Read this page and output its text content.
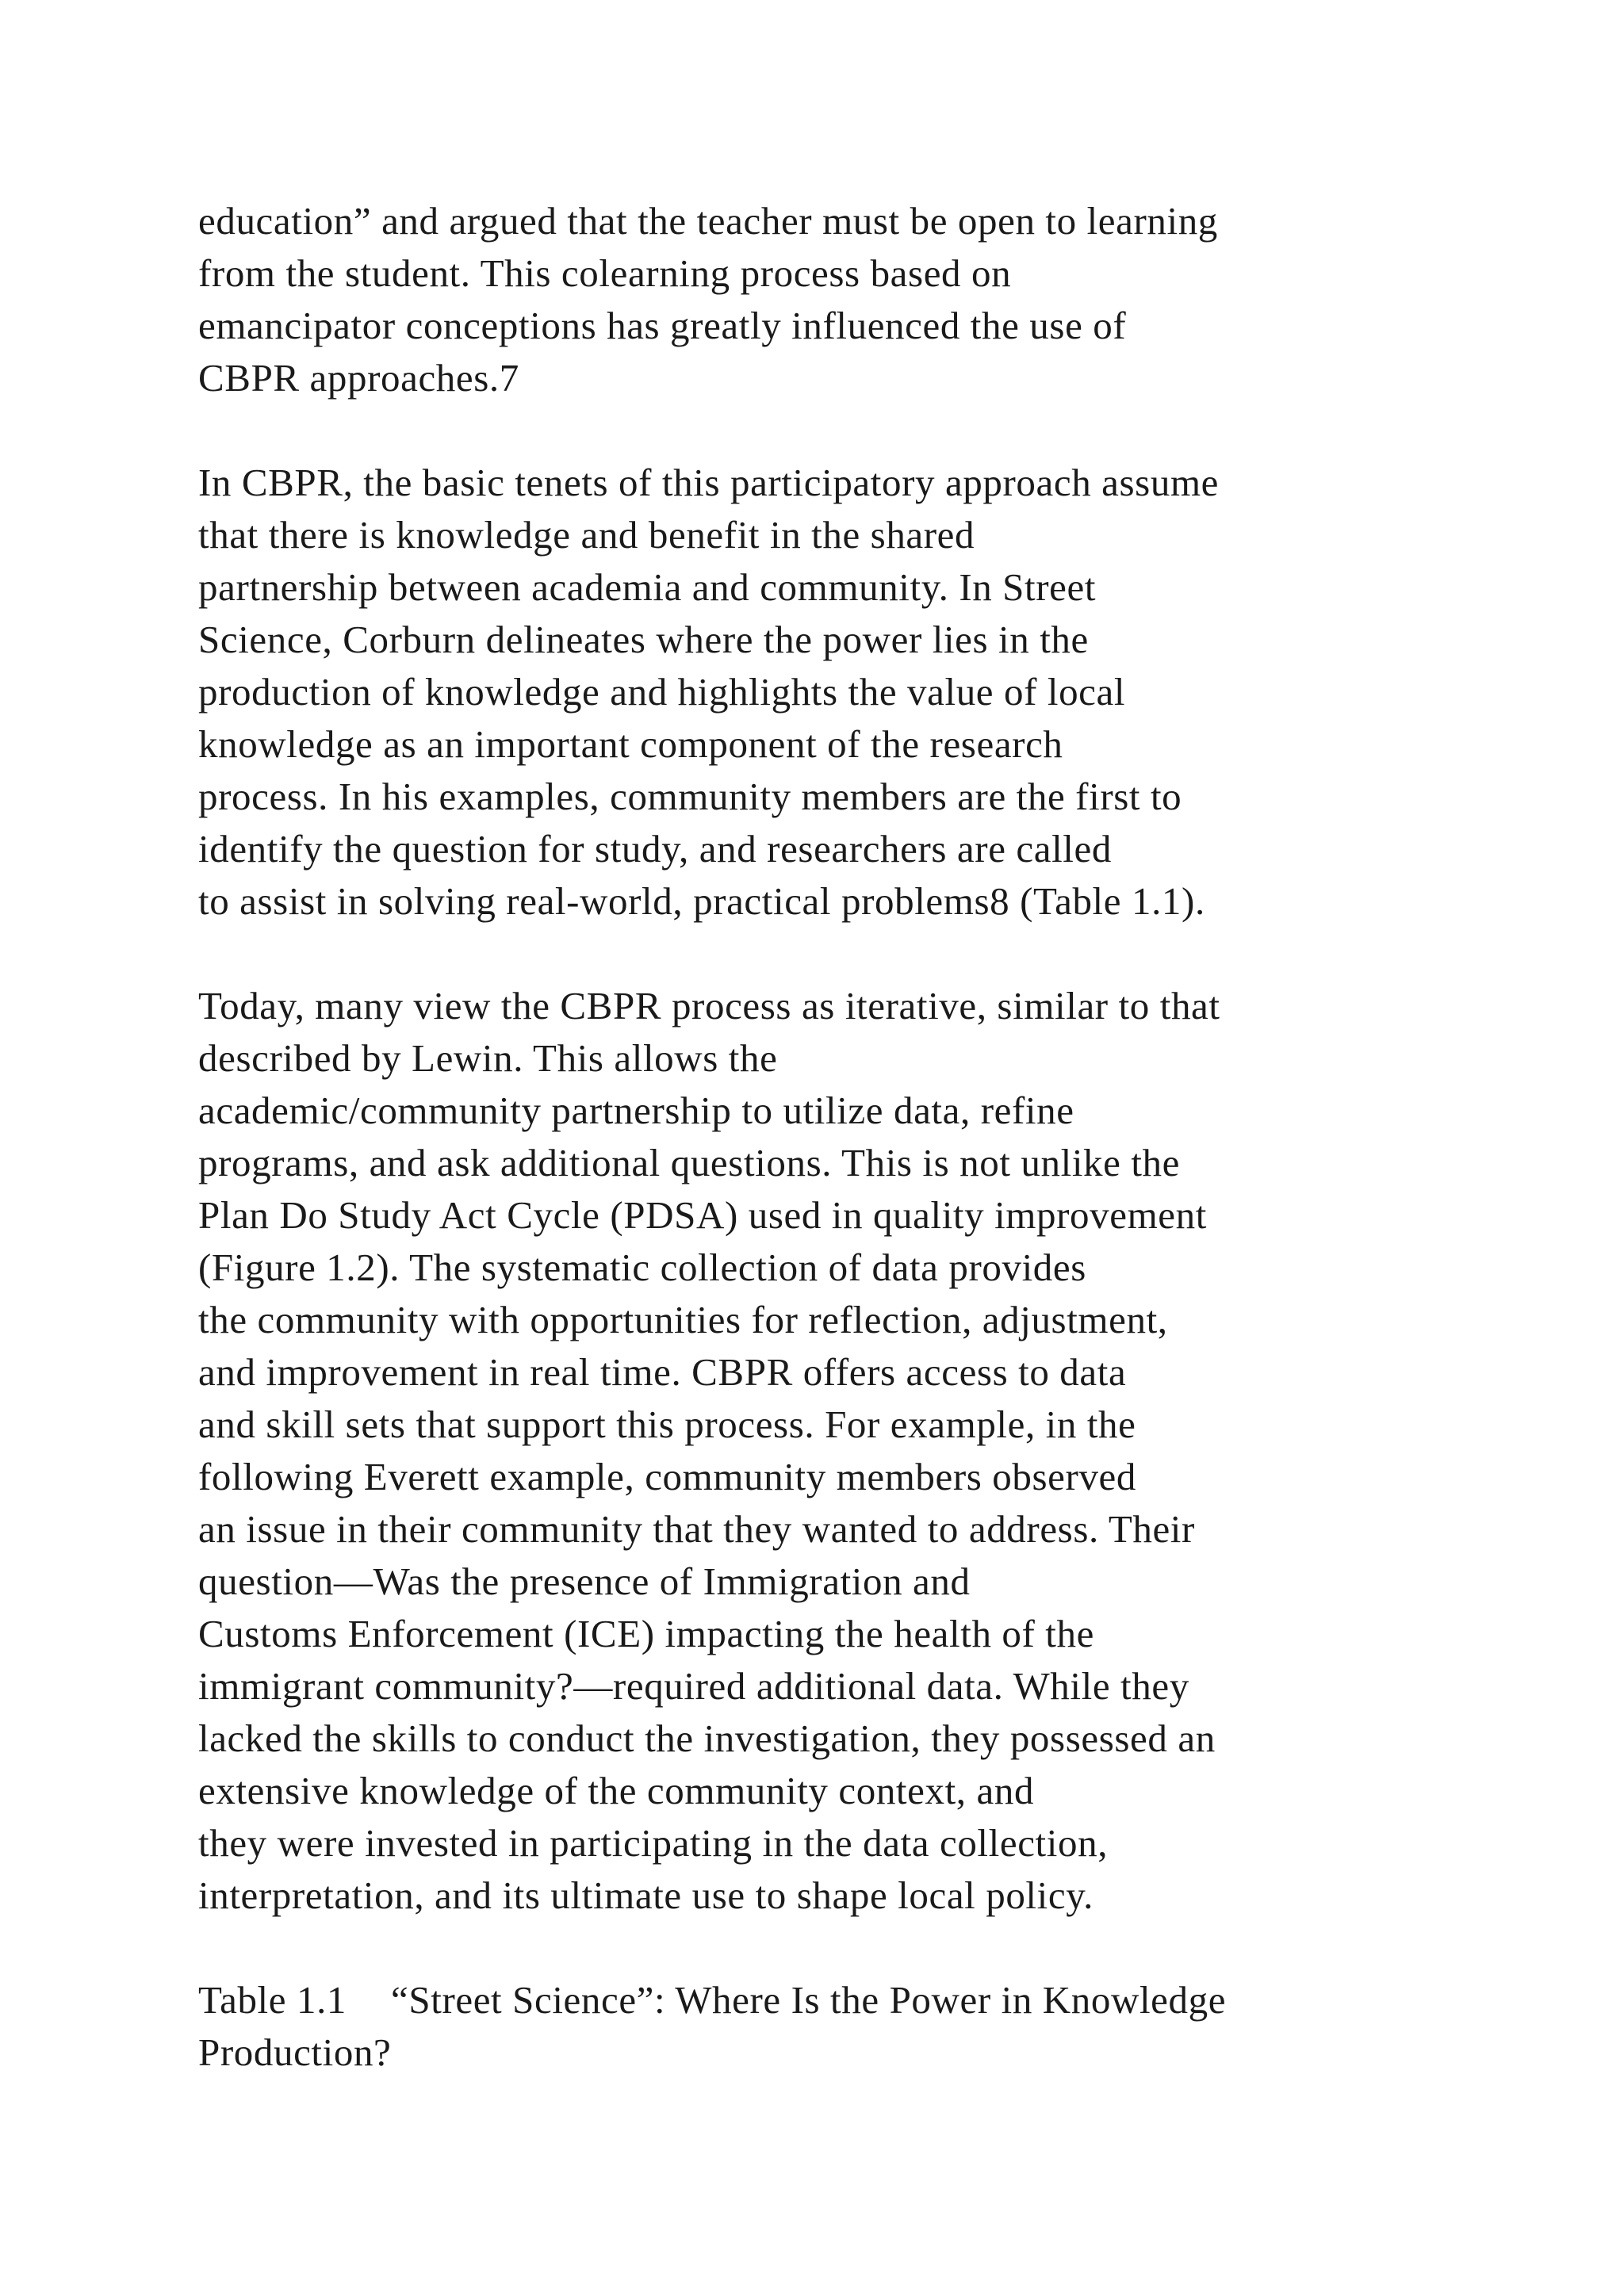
education” and argued that the teacher must be open to learning
from the student. This colearning process based on
emancipator conceptions has greatly influenced the use of
CBPR approaches.7

In CBPR, the basic tenets of this participatory approach assume
that there is knowledge and benefit in the shared
partnership between academia and community. In Street
Science, Corburn delineates where the power lies in the
production of knowledge and highlights the value of local
knowledge as an important component of the research
process. In his examples, community members are the first to
identify the question for study, and researchers are called
to assist in solving real-world, practical problems8 (Table 1.1).

Today, many view the CBPR process as iterative, similar to that
described by Lewin. This allows the
academic/community partnership to utilize data, refine
programs, and ask additional questions. This is not unlike the
Plan Do Study Act Cycle (PDSA) used in quality improvement
(Figure 1.2). The systematic collection of data provides
the community with opportunities for reflection, adjustment,
and improvement in real time. CBPR offers access to data
and skill sets that support this process. For example, in the
following Everett example, community members observed
an issue in their community that they wanted to address. Their
question—Was the presence of Immigration and
Customs Enforcement (ICE) impacting the health of the
immigrant community?—required additional data. While they
lacked the skills to conduct the investigation, they possessed an
extensive knowledge of the community context, and
they were invested in participating in the data collection,
interpretation, and its ultimate use to shape local policy.

Table 1.1 “Street Science”: Where Is the Power in Knowledge
Production?
